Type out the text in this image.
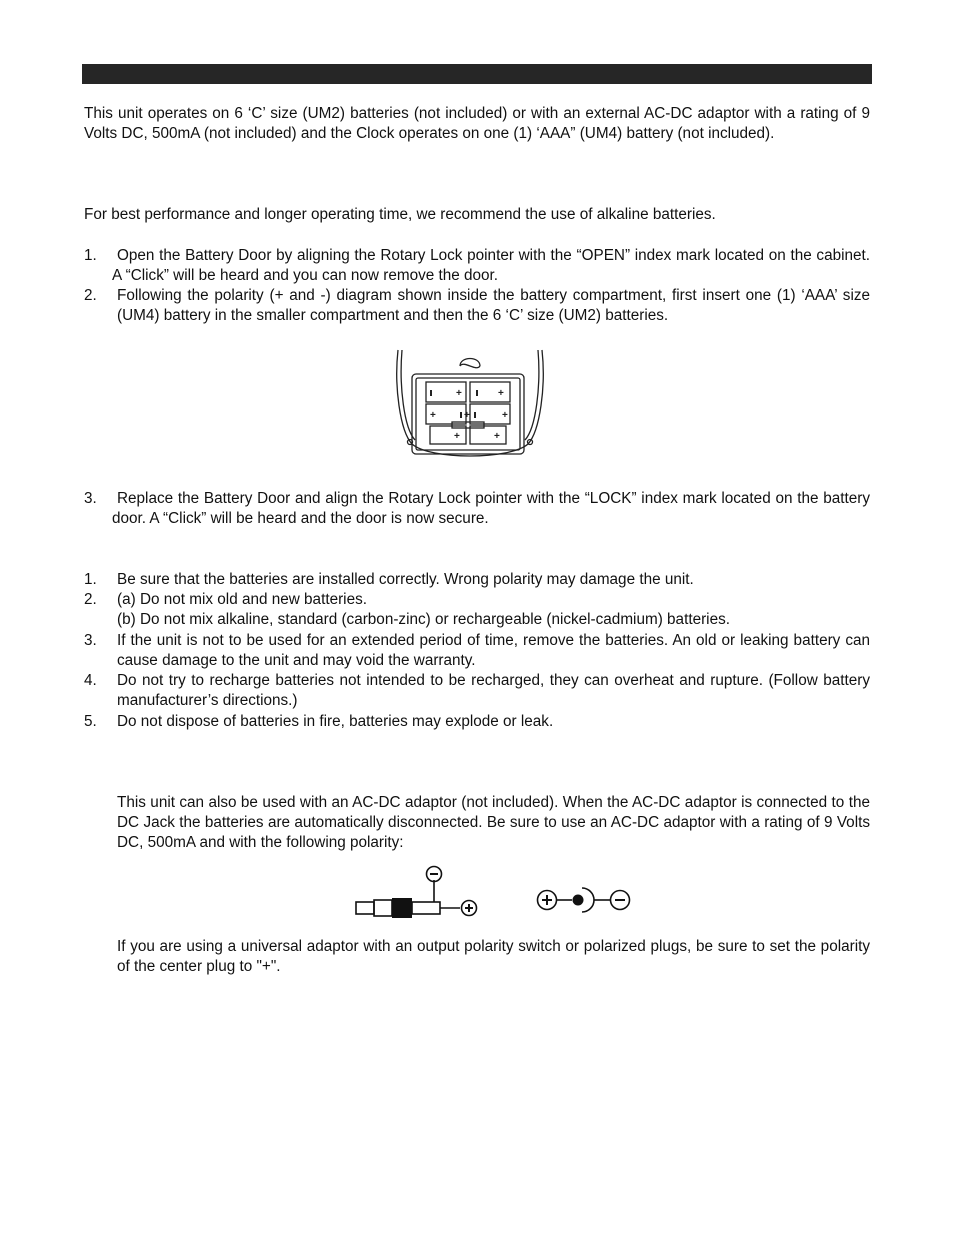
This unit operates on 6 ‘C’ size (UM2) batteries (not included) or with an external AC-DC adaptor with a rating of 9 Volts DC, 500mA (not included) and the Clock operates on one (1) ‘AAA” (UM4) battery (not included).

For best performance and longer operating time, we recommend the use of alkaline batteries.

1.	Open the Battery Door by aligning the Rotary Lock pointer with the “OPEN” index mark located on the cabinet. A “Click” will be heard and you can now remove the door.
2. Following the polarity (+ and -) diagram shown inside the battery compartment, first insert one (1) ‘AAA’ size (UM4) battery in the smaller compartment and then the 6 ‘C’ size (UM2) batteries.
+	+
+	+
+	+
+
3.	Replace the Battery Door and align the Rotary Lock pointer with the “LOCK” index mark located on the battery door. A “Click” will be heard and the door is now secure.
1. Be sure that the batteries are installed correctly. Wrong polarity may damage the unit.
2. (a) Do not mix old and new batteries.
(b) Do not mix alkaline, standard (carbon-zinc) or rechargeable (nickel-cadmium) batteries.
3. If the unit is not to be used for an extended period of time, remove the batteries. An old or leaking battery can cause damage to the unit and may void the warranty.
4. Do not try to recharge batteries not intended to be recharged, they can overheat and rupture. (Follow battery manufacturer’s directions.)
5. Do not dispose of batteries in fire, batteries may explode or leak.

This unit can also be used with an AC-DC adaptor (not included). When the AC-DC adaptor is connected to the DC Jack the batteries are automatically disconnected. Be sure to use an AC-DC adaptor with a rating of 9 Volts DC, 500mA and with the following polarity:

If you are using a universal adaptor with an output polarity switch or polarized plugs, be sure to set the polarity of the center plug to "+".
